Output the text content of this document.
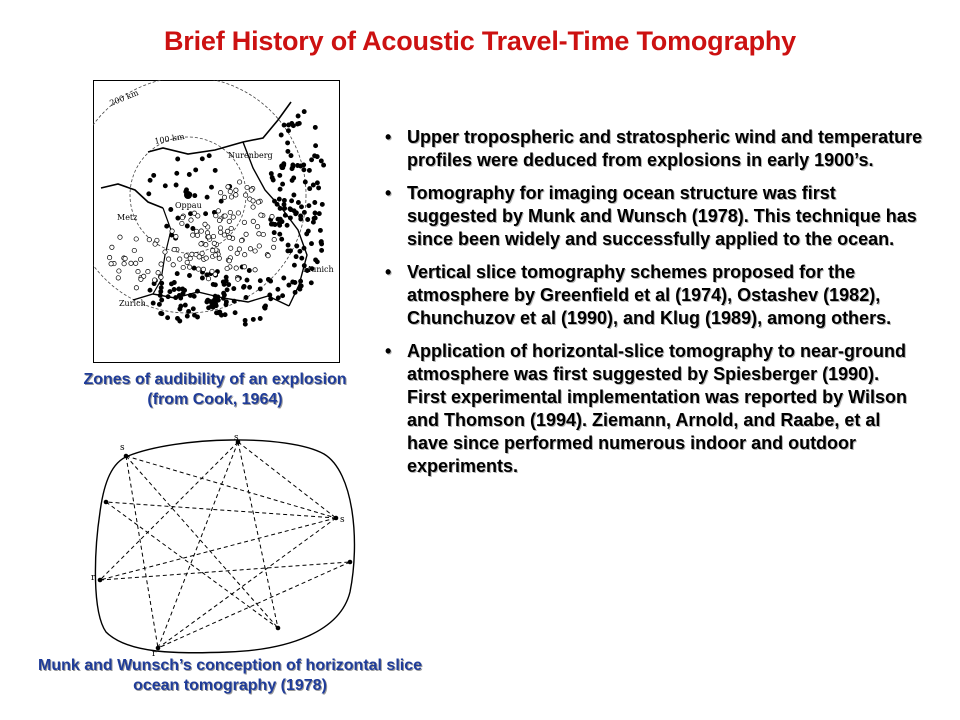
Brief History of Acoustic Travel-Time Tomography
200 km
100 km
Nurenberg
Oppau
Metz
Munich
Zurich
Zones of audibility of an explosion (from Cook, 1964)
s
s
s
r
r
Munk and Wunsch’s conception of horizontal slice ocean tomography (1978)
• Upper tropospheric and stratospheric wind and temperature profiles were deduced from explosions in early 1900’s.
• Tomography for imaging ocean structure was first suggested by Munk and Wunsch (1978). This technique has since been widely and successfully applied to the ocean.
• Vertical slice tomography schemes proposed for the atmosphere by Greenfield et al (1974), Ostashev (1982), Chunchuzov et al (1990), and Klug (1989), among others.
• Application of horizontal-slice tomography to near-ground atmosphere was first suggested by Spiesberger (1990). First experimental implementation was reported by Wilson and Thomson (1994). Ziemann, Arnold, and Raabe, et al have since performed numerous indoor and outdoor experiments.
